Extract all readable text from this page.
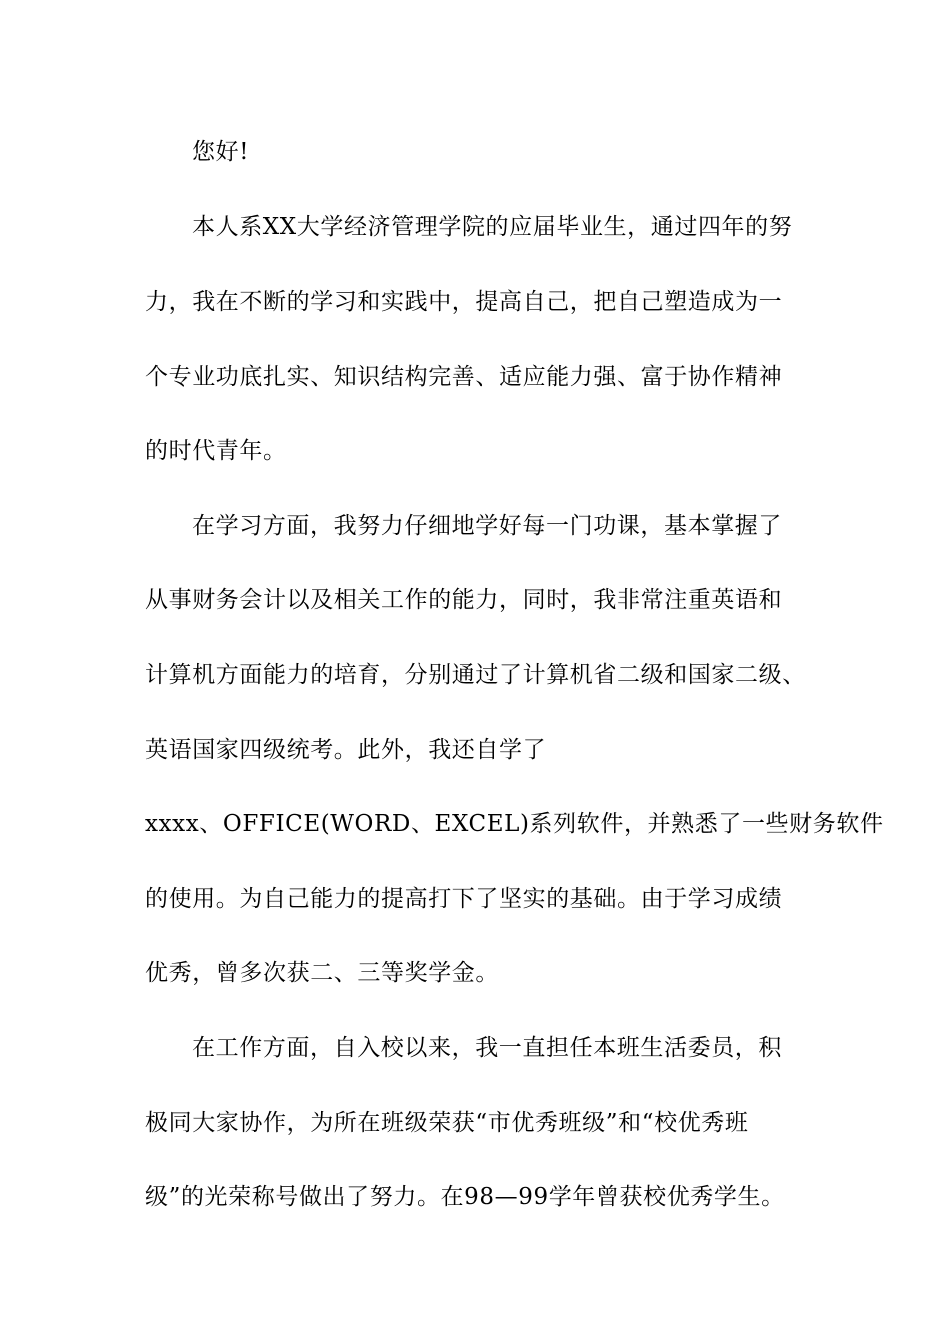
您好!
本人系XX大学经济管理学院的应届毕业生，通过四年的努
力，我在不断的学习和实践中，提高自己，把自己塑造成为一
个专业功底扎实、知识结构完善、适应能力强、富于协作精神
的时代青年。
在学习方面，我努力仔细地学好每一门功课，基本掌握了
从事财务会计以及相关工作的能力，同时，我非常注重英语和
计算机方面能力的培育，分别通过了计算机省二级和国家二级、
英语国家四级统考。此外，我还自学了
xxxx、OFFICE(WORD、EXCEL)系列软件，并熟悉了一些财务软件
的使用。为自己能力的提高打下了坚实的基础。由于学习成绩
优秀，曾多次获二、三等奖学金。
在工作方面，自入校以来，我一直担任本班生活委员，积
极同大家协作，为所在班级荣获“市优秀班级”和“校优秀班
级”的光荣称号做出了努力。在98—99学年曾获校优秀学生。
